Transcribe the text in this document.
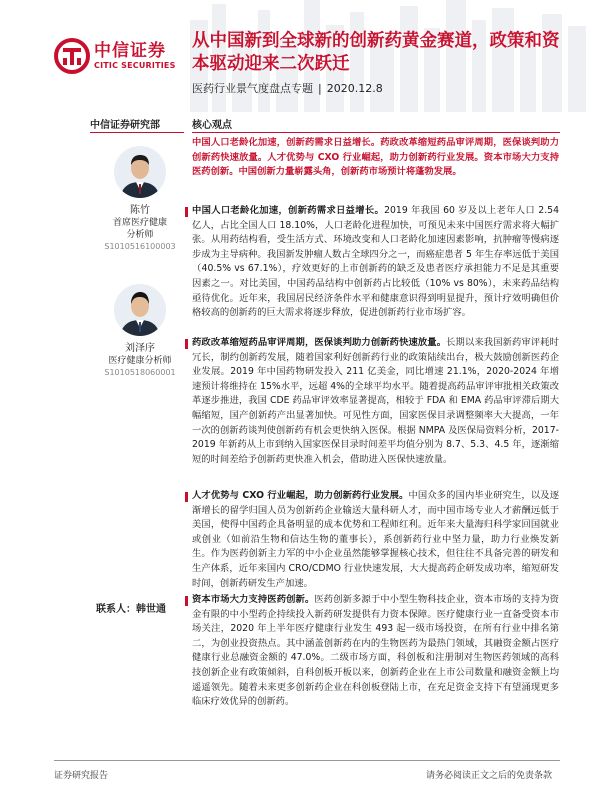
中信证券
CITIC SECURITIES
从中国新到全球新的创新药黄金赛道，政策和资本驱动迎来二次跃迁
医药行业景气度盘点专题 | 2020.12.8
中信证券研究部
陈竹
首席医疗健康
分析师
S1010516100003
刘泽序
医疗健康分析师
S1010518060001
联系人：韩世通
核心观点

中国人口老龄化加速，创新药需求日益增长。药政改革缩短药品审评周期，医保谈判助力创新药快速放量。人才优势与 CXO 行业崛起，助力创新药行业发展。资本市场大力支持医药创新。中国创新力量崭露头角，创新药市场预计将蓬勃发展。

中国人口老龄化加速，创新药需求日益增长。2019 年我国 60 岁及以上老年人口 2.54 亿人，占比全国人口 18.10%，人口老龄化进程加快，可预见未来中国医疗需求将大幅扩张。从用药结构看，受生活方式、环境改变和人口老龄化加速因素影响，抗肿瘤等慢病逐步成为主导病种。我国新发肿瘤人数占全球四分之一，而癌症患者 5 年生存率远低于美国（40.5% vs 67.1%），疗效更好的上市创新药的缺乏及患者医疗承担能力不足是其重要因素之一。对比美国，中国药品结构中创新药占比较低（10% vs 80%），未来药品结构亟待优化。近年来，我国居民经济条件水平和健康意识得到明显提升，预计疗效明确但价格较高的创新药的巨大需求将逐步释放，促进创新药行业市场扩容。

药政改革缩短药品审评周期，医保谈判助力创新药快速放量。长期以来我国新药审评耗时冗长，制约创新药发展，随着国家利好创新药行业的政策陆续出台，极大鼓励创新医药企业发展。2019 年中国药物研发投入 211 亿美金，同比增速 21.1%，2020-2024 年增速预计将维持在 15%水平，远超 4%的全球平均水平。随着提高药品审评审批相关政策改革逐步推进，我国 CDE 药品审评效率显著提高，相较于 FDA 和 EMA 药品审评滞后期大幅缩短，国产创新药产出显著加快。可见性方面，国家医保目录调整频率大大提高，一年一次的创新药谈判使创新药有机会更快纳入医保。根据 NMPA 及医保局资料分析，2017-2019 年新药从上市到纳入国家医保目录时间差平均值分别为 8.7、5.3、4.5 年，逐渐缩短的时间差给予创新药更快准入机会，借助进入医保快速放量。

人才优势与 CXO 行业崛起，助力创新药行业发展。中国众多的国内毕业研究生，以及逐渐增长的留学归国人员为创新药企业输送大量科研人才，而中国市场专业人才薪酬远低于美国，使得中国药企具备明显的成本优势和工程师红利。近年来大量海归科学家回国就业或创业（如前沿生物和信达生物的董事长），系创新药行业中坚力量，助力行业焕发新生。作为医药创新主力军的中小企业虽然能够掌握核心技术，但往往不具备完善的研发和生产体系，近年来国内 CRO/CDMO 行业快速发展，大大提高药企研发成功率，缩短研发时间，创新药研发生产加速。

资本市场大力支持医药创新。医药创新多源于中小型生物科技企业，资本市场的支持为资金有限的中小型药企持续投入新药研发提供有力资本保障。医疗健康行业一直备受资本市场关注，2020 年上半年医疗健康行业发生 493 起一级市场投资，在所有行业中排名第二，为创业投资热点。其中涵盖创新药在内的生物医药为最热门领域，其融资金额占医疗健康行业总融资金额的 47.0%。二级市场方面，科创板和注册制对生物医药领域的高科技创新企业有政策倾斜，自科创板开板以来，创新药企业在上市公司数量和融资金额上均遥遥领先。随着未来更多创新药企业在科创板登陆上市，在充足资金支持下有望涌现更多临床疗效优异的创新药。

证券研究报告	请务必阅读正文之后的免责条款
